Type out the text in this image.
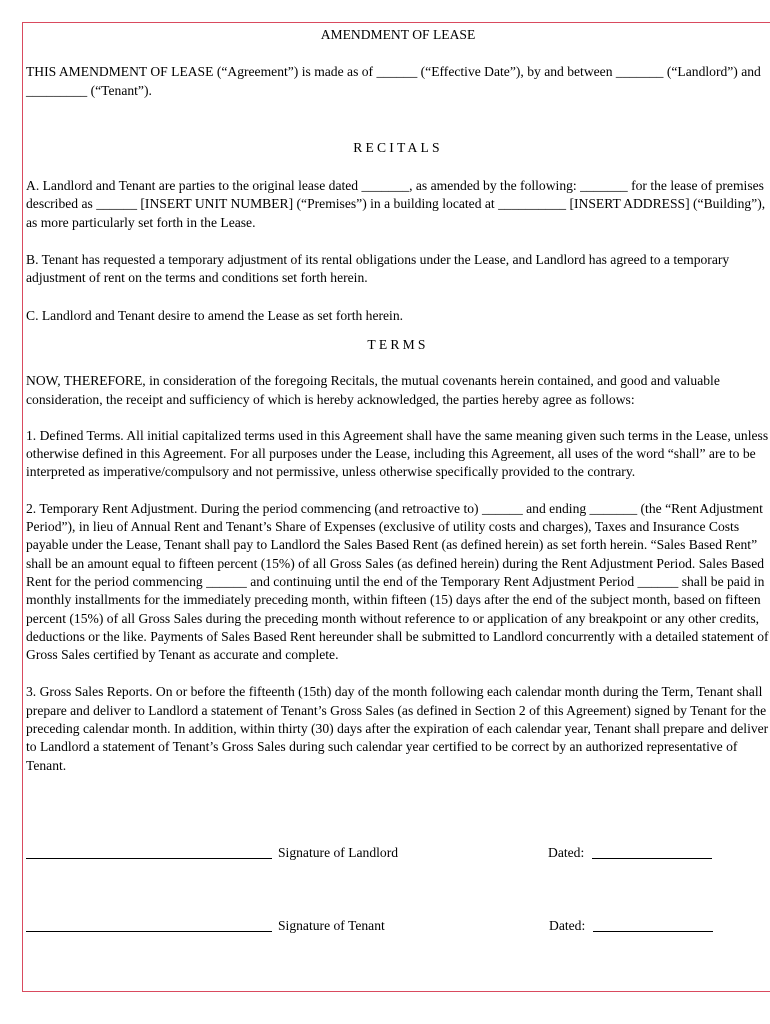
AMENDMENT OF LEASE

THIS AMENDMENT OF LEASE (“Agreement”) is made as of ______ (“Effective Date”), by and between _______ (“Landlord”) and _________ (“Tenant”).

RECITALS

A. Landlord and Tenant are parties to the original lease dated _______, as amended by the following: _______ for the lease of premises described as ______ [INSERT UNIT NUMBER] (“Premises”) in a building located at __________ [INSERT ADDRESS] (“Building”), as more particularly set forth in the Lease.

B. Tenant has requested a temporary adjustment of its rental obligations under the Lease, and Landlord has agreed to a temporary adjustment of rent on the terms and conditions set forth herein.

C. Landlord and Tenant desire to amend the Lease as set forth herein.

TERMS

NOW, THEREFORE, in consideration of the foregoing Recitals, the mutual covenants herein contained, and good and valuable consideration, the receipt and sufficiency of which is hereby acknowledged, the parties hereby agree as follows:

1. Defined Terms. All initial capitalized terms used in this Agreement shall have the same meaning given such terms in the Lease, unless otherwise defined in this Agreement. For all purposes under the Lease, including this Agreement, all uses of the word “shall” are to be interpreted as imperative/compulsory and not permissive, unless otherwise specifically provided to the contrary.

2. Temporary Rent Adjustment. During the period commencing (and retroactive to) ______ and ending _______ (the “Rent Adjustment Period”), in lieu of Annual Rent and Tenant’s Share of Expenses (exclusive of utility costs and charges), Taxes and Insurance Costs payable under the Lease, Tenant shall pay to Landlord the Sales Based Rent (as defined herein) as set forth herein. “Sales Based Rent” shall be an amount equal to fifteen percent (15%) of all Gross Sales (as defined herein) during the Rent Adjustment Period. Sales Based Rent for the period commencing ______ and continuing until the end of the Temporary Rent Adjustment Period ______ shall be paid in monthly installments for the immediately preceding month, within fifteen (15) days after the end of the subject month, based on fifteen percent (15%) of all Gross Sales during the preceding month without reference to or application of any breakpoint or any other credits, deductions or the like. Payments of Sales Based Rent hereunder shall be submitted to Landlord concurrently with a detailed statement of Gross Sales certified by Tenant as accurate and complete.

3. Gross Sales Reports. On or before the fifteenth (15th) day of the month following each calendar month during the Term, Tenant shall prepare and deliver to Landlord a statement of Tenant’s Gross Sales (as defined in Section 2 of this Agreement) signed by Tenant for the preceding calendar month. In addition, within thirty (30) days after the expiration of each calendar year, Tenant shall prepare and deliver to Landlord a statement of Tenant’s Gross Sales during such calendar year certified to be correct by an authorized representative of Tenant.

Signature of Landlord	Dated:
Signature of Tenant	Dated:
